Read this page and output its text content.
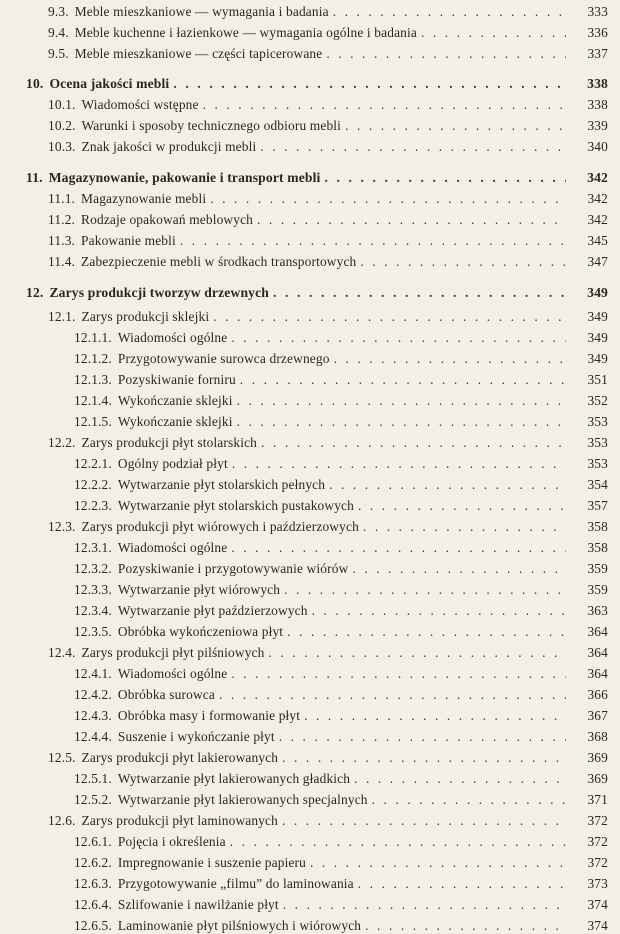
9.3. Meble mieszkaniowe — wymagania i badania . . .	333
9.4. Meble kuchenne i łazienkowe — wymagania ogólne i badania . . .	336
9.5. Meble mieszkaniowe — części tapicerowane . . .	337
10. Ocena jakości mebli . . .	338
10.1. Wiadomości wstępne . . .	338
10.2. Warunki i sposoby technicznego odbioru mebli . . .	339
10.3. Znak jakości w produkcji mebli . . .	340
11. Magazynowanie, pakowanie i transport mebli . . .	342
11.1. Magazynowanie mebli . . .	342
11.2. Rodzaje opakowań meblowych . . .	342
11.3. Pakowanie mebli . . .	345
11.4. Zabezpieczenie mebli w środkach transportowych . . .	347
12. Zarys produkcji tworzyw drzewnych . . .	349
12.1. Zarys produkcji sklejki . . .	349
12.1.1. Wiadomości ogólne . . .	349
12.1.2. Przygotowywanie surowca drzewnego . . .	349
12.1.3. Pozyskiwanie forniru . . .	351
12.1.4. Wykończanie sklejki . . .	352
12.1.5. Wykończanie sklejki . . .	353
12.2. Zarys produkcji płyt stolarskich . . .	353
12.2.1. Ogólny podział płyt . . .	353
12.2.2. Wytwarzanie płyt stolarskich pełnych . . .	354
12.2.3. Wytwarzanie płyt stolarskich pustakowych . . .	357
12.3. Zarys produkcji płyt wiórowych i paździerzowych . . .	358
12.3.1. Wiadomości ogólne . . .	358
12.3.2. Pozyskiwanie i przygotowywanie wiórów . . .	359
12.3.3. Wytwarzanie płyt wiórowych . . .	359
12.3.4. Wytwarzanie płyt paździerzowych . . .	363
12.3.5. Obróbka wykończeniowa płyt . . .	364
12.4. Zarys produkcji płyt pilśniowych . . .	364
12.4.1. Wiadomości ogólne . . .	364
12.4.2. Obróbka surowca . . .	366
12.4.3. Obróbka masy i formowanie płyt . . .	367
12.4.4. Suszenie i wykończanie płyt . . .	368
12.5. Zarys produkcji płyt lakierowanych . . .	369
12.5.1. Wytwarzanie płyt lakierowanych gładkich . . .	369
12.5.2. Wytwarzanie płyt lakierowanych specjalnych . . .	371
12.6. Zarys produkcji płyt laminowanych . . .	372
12.6.1. Pojęcia i określenia . . .	372
12.6.2. Impregnowanie i suszenie papieru . . .	372
12.6.3. Przygotowywanie „filmu” do laminowania . . .	373
12.6.4. Szlifowanie i nawilżanie płyt . . .	374
12.6.5. Laminowanie płyt pilśniowych i wiórowych . . .	374
